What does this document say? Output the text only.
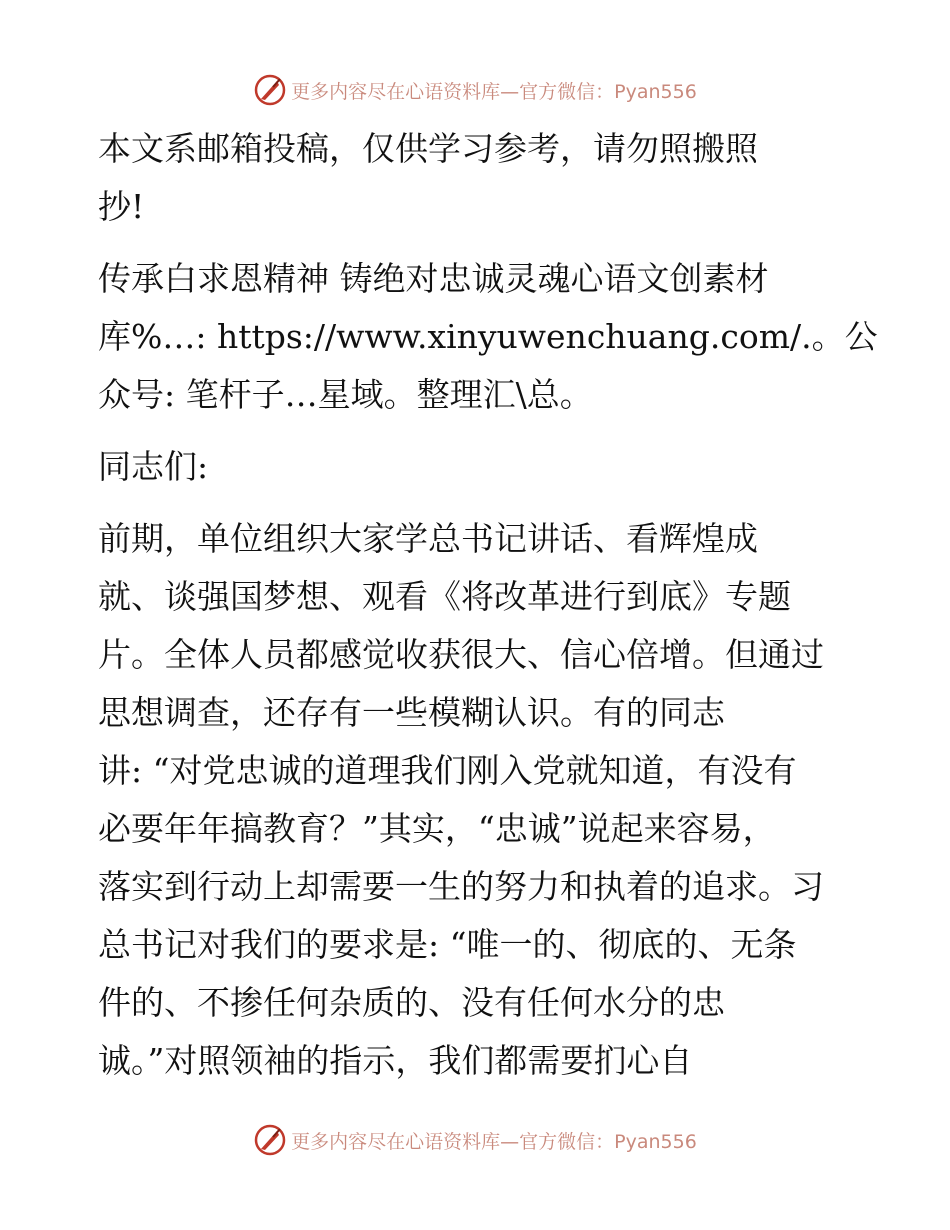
更多内容尽在心语资料库—官方微信：Pyan556
本文系邮箱投稿，仅供学习参考，请勿照搬照
抄!
传承白求恩精神 铸绝对忠诚灵魂心语文创素材
库%…: https://www.xinyuwenchuang.com/.。公
众号: 笔杆子…星域。整理汇\总。
同志们:
前期，单位组织大家学总书记讲话、看辉煌成
就、谈强国梦想、观看《将改革进行到底》专题
片。全体人员都感觉收获很大、信心倍增。但通过
思想调查，还存有一些模糊认识。有的同志
讲: “对党忠诚的道理我们刚入党就知道，有没有
必要年年搞教育？”其实，“忠诚”说起来容易，
落实到行动上却需要一生的努力和执着的追求。习
总书记对我们的要求是: “唯一的、彻底的、无条
件的、不掺任何杂质的、没有任何水分的忠
诚。”对照领袖的指示，我们都需要扪心自
更多内容尽在心语资料库—官方微信：Pyan556
